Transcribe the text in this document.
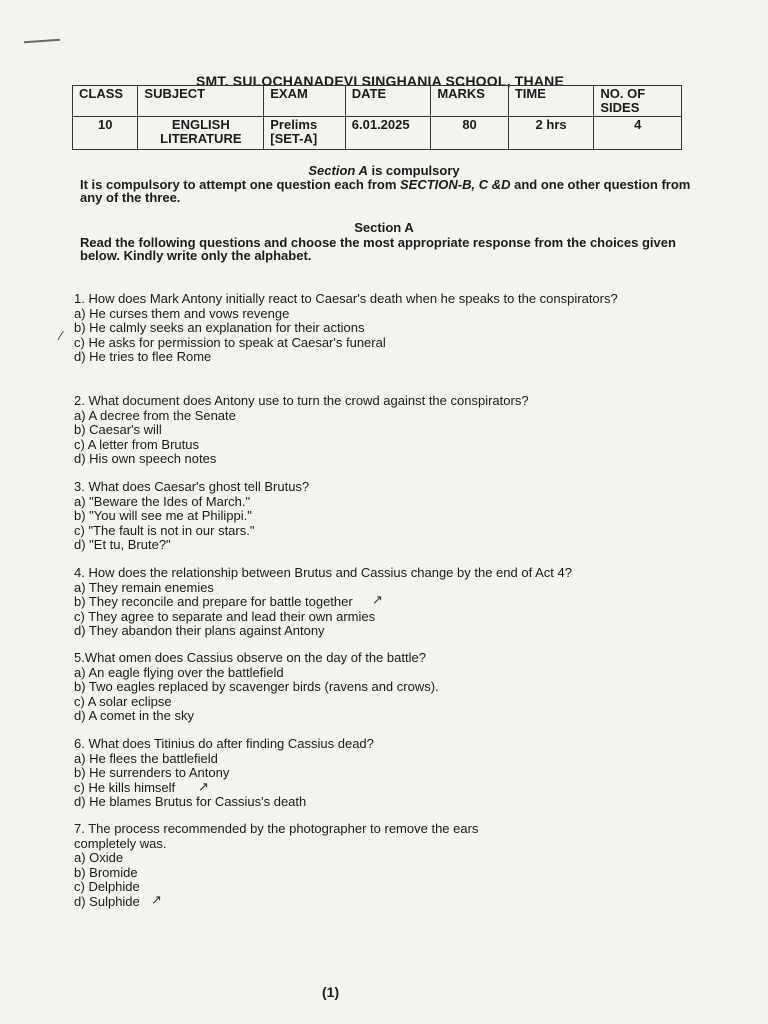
SMT. SULOCHANADEVI SINGHANIA SCHOOL, THANE
CLASS	SUBJECT	EXAM	DATE	MARKS	TIME	NO. OF SIDES
10	ENGLISH LITERATURE	Prelims [SET-A]	6.01.2025	80	2 hrs	4
Section A is compulsory
It is compulsory to attempt one question each from SECTION-B, C &D and one other question from any of the three.
Section A
Read the following questions and choose the most appropriate response from the choices given below. Kindly write only the alphabet.

1. How does Mark Antony initially react to Caesar's death when he speaks to the conspirators?

a) He curses them and vows revenge

b) He calmly seeks an explanation for their actions

c) He asks for permission to speak at Caesar's funeral

d) He tries to flee Rome

2. What document does Antony use to turn the crowd against the conspirators?

a) A decree from the Senate

b) Caesar's will

c) A letter from Brutus

d) His own speech notes

3. What does Caesar's ghost tell Brutus?

a) "Beware the Ides of March."

b) "You will see me at Philippi."

c) "The fault is not in our stars."

d) "Et tu, Brute?"

4. How does the relationship between Brutus and Cassius change by the end of Act 4?

a) They remain enemies

b) They reconcile and prepare for battle together

c) They agree to separate and lead their own armies

d) They abandon their plans against Antony

5.What omen does Cassius observe on the day of the battle?

a) An eagle flying over the battlefield

b) Two eagles replaced by scavenger birds (ravens and crows).

c) A solar eclipse

d) A comet in the sky

6. What does Titinius do after finding Cassius dead?

a) He flees the battlefield

b) He surrenders to Antony

c) He kills himself

d) He blames Brutus for Cassius's death

7. The process recommended by the photographer to remove the ears completely was.

a) Oxide

b) Bromide

c) Delphide

d) Sulphide

⁄
↗
↗
↗
(1)
